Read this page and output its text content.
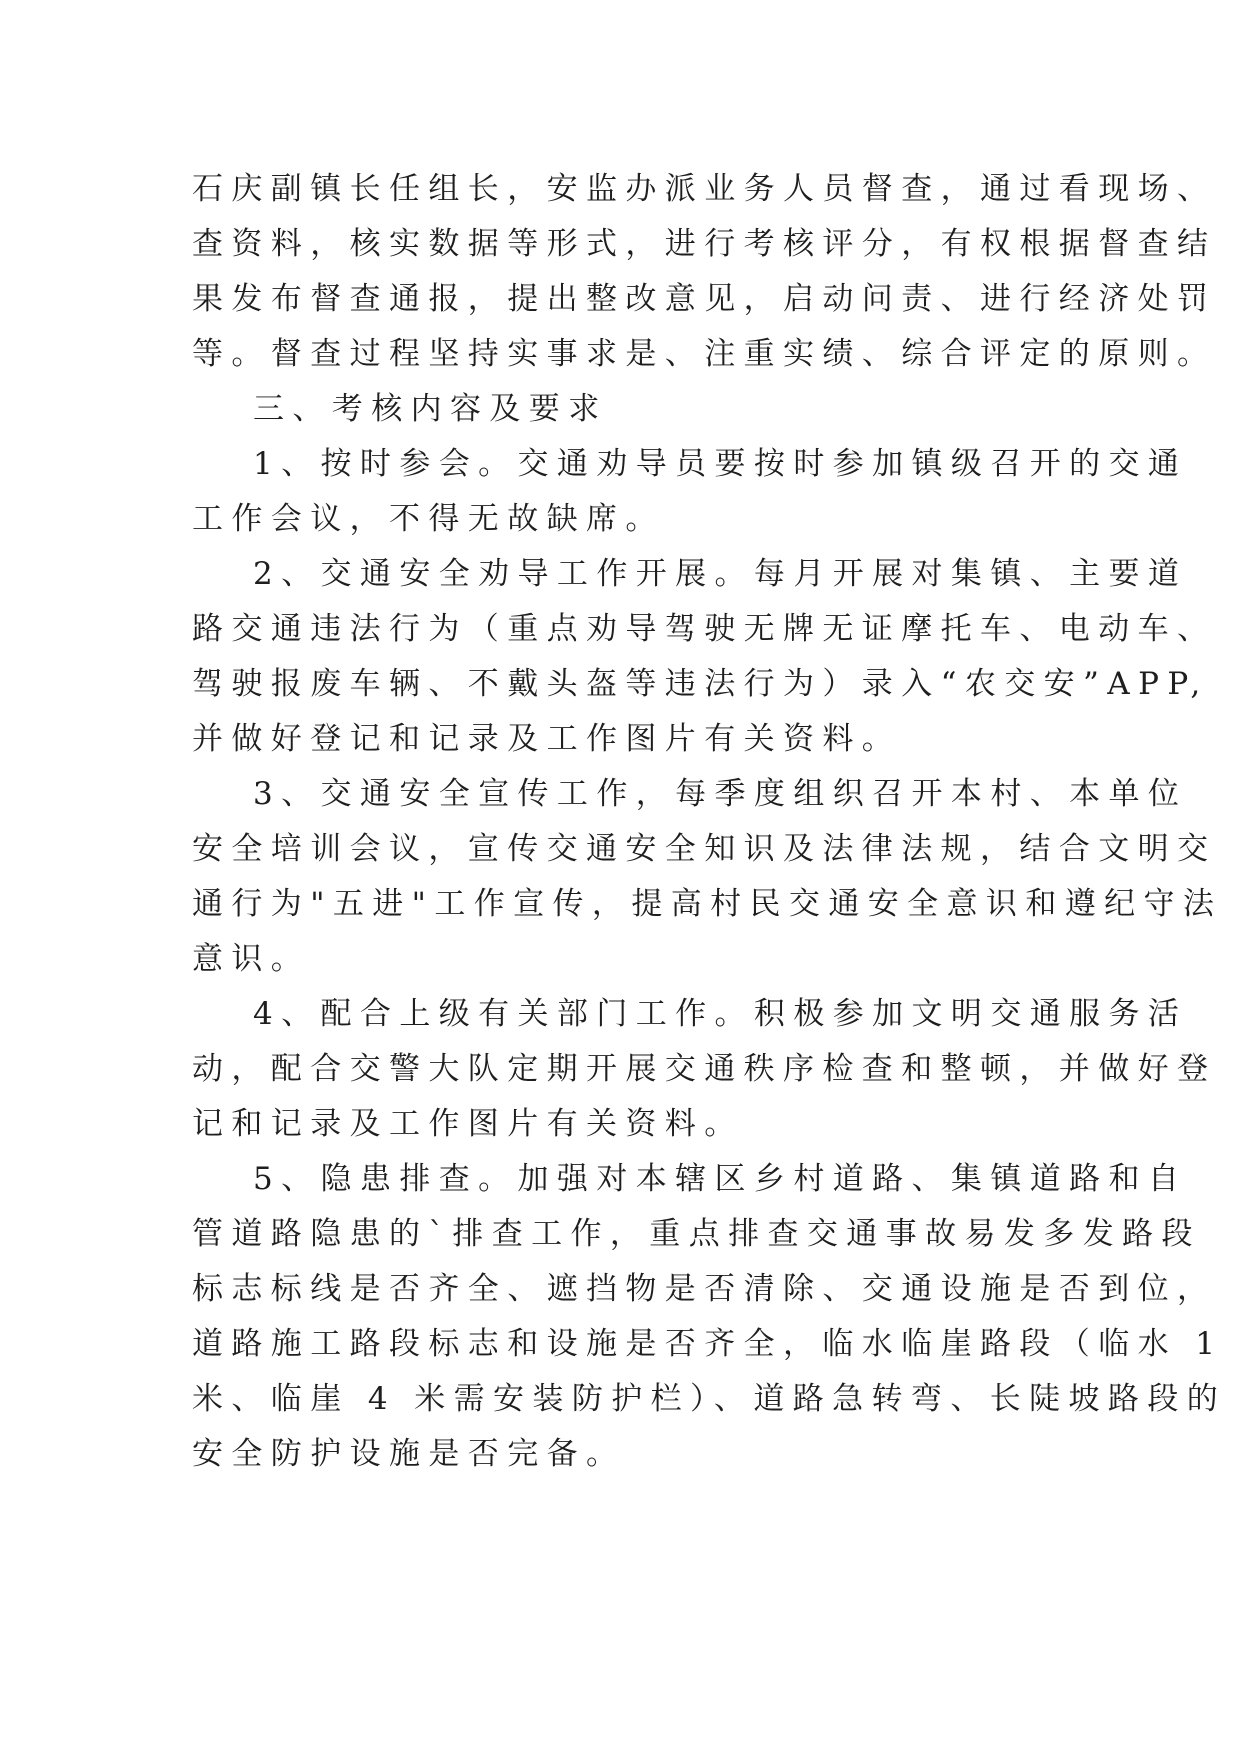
石庆副镇长任组长，安监办派业务人员督查，通过看现场、
查资料，核实数据等形式，进行考核评分，有权根据督查结
果发布督查通报，提出整改意见，启动问责、进行经济处罚
等。督查过程坚持实事求是、注重实绩、综合评定的原则。
三、考核内容及要求
1、按时参会。交通劝导员要按时参加镇级召开的交通
工作会议，不得无故缺席。
2、交通安全劝导工作开展。每月开展对集镇、主要道
路交通违法行为（重点劝导驾驶无牌无证摩托车、电动车、
驾驶报废车辆、不戴头盔等违法行为）录入“农交安”APP,
并做好登记和记录及工作图片有关资料。
3、交通安全宣传工作，每季度组织召开本村、本单位
安全培训会议，宣传交通安全知识及法律法规，结合文明交
通行为"五进"工作宣传，提高村民交通安全意识和遵纪守法
意识。
4、配合上级有关部门工作。积极参加文明交通服务活
动，配合交警大队定期开展交通秩序检查和整顿，并做好登
记和记录及工作图片有关资料。
5、隐患排查。加强对本辖区乡村道路、集镇道路和自
管道路隐患的`排查工作，重点排查交通事故易发多发路段
标志标线是否齐全、遮挡物是否清除、交通设施是否到位，
道路施工路段标志和设施是否齐全，临水临崖路段（临水 1
米、临崖 4 米需安装防护栏）、道路急转弯、长陡坡路段的
安全防护设施是否完备。
